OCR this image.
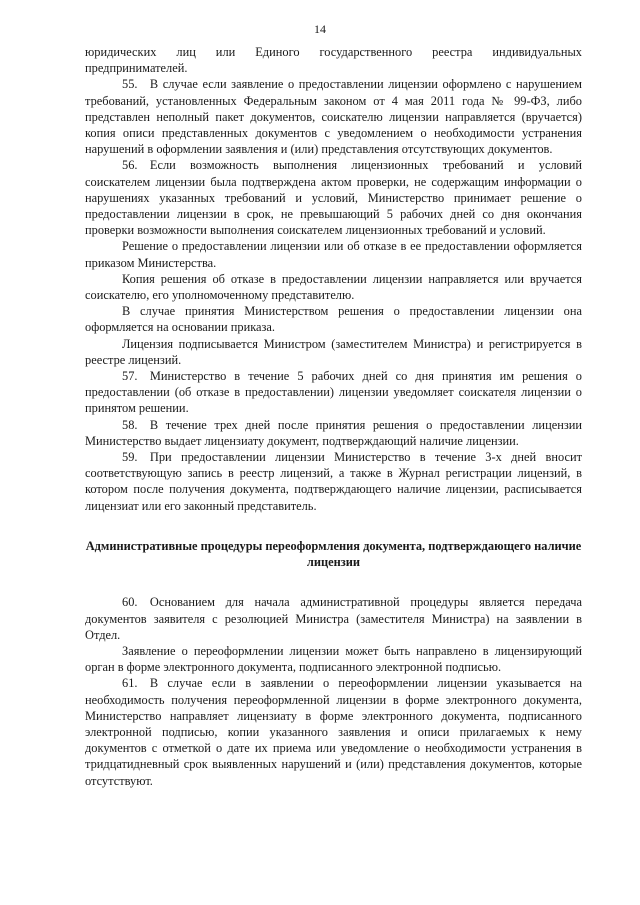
14

юридических лиц или Единого государственного реестра индивидуальных предпринимателей.

55. В случае если заявление о предоставлении лицензии оформлено с нарушением требований, установленных Федеральным законом от 4 мая 2011 года № 99-ФЗ, либо представлен неполный пакет документов, соискателю лицензии направляется (вручается) копия описи представленных документов с уведомлением о необходимости устранения нарушений в оформлении заявления и (или) представления отсутствующих документов.

56. Если возможность выполнения лицензионных требований и условий соискателем лицензии была подтверждена актом проверки, не содержащим информации о нарушениях указанных требований и условий, Министерство принимает решение о предоставлении лицензии в срок, не превышающий 5 рабочих дней со дня окончания проверки возможности выполнения соискателем лицензионных требований и условий.

Решение о предоставлении лицензии или об отказе в ее предоставлении оформляется приказом Министерства.

Копия решения об отказе в предоставлении лицензии направляется или вручается соискателю, его уполномоченному представителю.

В случае принятия Министерством решения о предоставлении лицензии она оформляется на основании приказа.

Лицензия подписывается Министром (заместителем Министра) и регистрируется в реестре лицензий.

57. Министерство в течение 5 рабочих дней со дня принятия им решения о предоставлении (об отказе в предоставлении) лицензии уведомляет соискателя лицензии о принятом решении.

58. В течение трех дней после принятия решения о предоставлении лицензии Министерство выдает лицензиату документ, подтверждающий наличие лицензии.

59. При предоставлении лицензии Министерство в течение 3-х дней вносит соответствующую запись в реестр лицензий, а также в Журнал регистрации лицензий, в котором после получения документа, подтверждающего наличие лицензии, расписывается лицензиат или его законный представитель.

Административные процедуры переоформления документа, подтверждающего наличие лицензии

60. Основанием для начала административной процедуры является передача документов заявителя с резолюцией Министра (заместителя Министра) на заявлении в Отдел.

Заявление о переоформлении лицензии может быть направлено в лицензирующий орган в форме электронного документа, подписанного электронной подписью.

61. В случае если в заявлении о переоформлении лицензии указывается на необходимость получения переоформленной лицензии в форме электронного документа, Министерство направляет лицензиату в форме электронного документа, подписанного электронной подписью, копии указанного заявления и описи прилагаемых к нему документов с отметкой о дате их приема или уведомление о необходимости устранения в тридцатидневный срок выявленных нарушений и (или) представления документов, которые отсутствуют.
